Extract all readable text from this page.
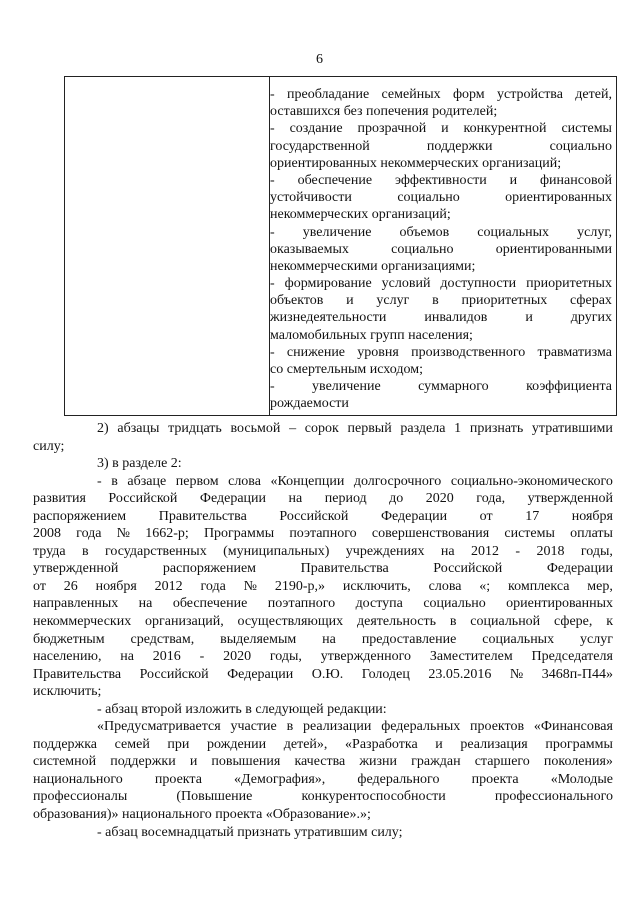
6
- преобладание семейных форм устройства детей,
оставшихся без попечения родителей;
- создание прозрачной и конкурентной системы
государственной	поддержки	социально
ориентированных некоммерческих организаций;
- обеспечение эффективности и финансовой
устойчивости	социально	ориентированных
некоммерческих организаций;
- увеличение объемов социальных услуг,
оказываемых	социально	ориентированными
некоммерческими организациями;
- формирование условий доступности приоритетных
объектов и услуг в приоритетных сферах
жизнедеятельности	инвалидов	и	других
маломобильных групп населения;
- снижение уровня производственного травматизма
со смертельным исходом;
-	увеличение	суммарного	коэффициента
рождаемости
2) абзацы тридцать восьмой – сорок первый раздела 1 признать утратившими
силу;
3) в разделе 2:
- в абзаце первом слова «Концепции долгосрочного социально-экономического
развития Российской Федерации на период до 2020 года, утвержденной
распоряжением Правительства Российской Федерации от 17 ноября
2008 года № 1662-р; Программы поэтапного совершенствования системы оплаты
труда в государственных (муниципальных) учреждениях на 2012 - 2018 годы,
утвержденной	распоряжением	Правительства	Российской	Федерации
от 26 ноября 2012 года № 2190-р,» исключить, слова «; комплекса мер,
направленных на обеспечение поэтапного доступа социально ориентированных
некоммерческих организаций, осуществляющих деятельность в социальной сфере, к
бюджетным средствам, выделяемым на предоставление социальных услуг
населению, на 2016 - 2020 годы, утвержденного Заместителем Председателя
Правительства Российской Федерации О.Ю. Голодец 23.05.2016 № 3468п-П44»
исключить;
- абзац второй изложить в следующей редакции:
«Предусматривается участие в реализации федеральных проектов «Финансовая
поддержка семей при рождении детей», «Разработка и реализация программы
системной поддержки и повышения качества жизни граждан старшего поколения»
национального проекта «Демография», федерального проекта «Молодые
профессионалы	(Повышение	конкурентоспособности	профессионального
образования)» национального проекта «Образование».»;
- абзац восемнадцатый признать утратившим силу;
